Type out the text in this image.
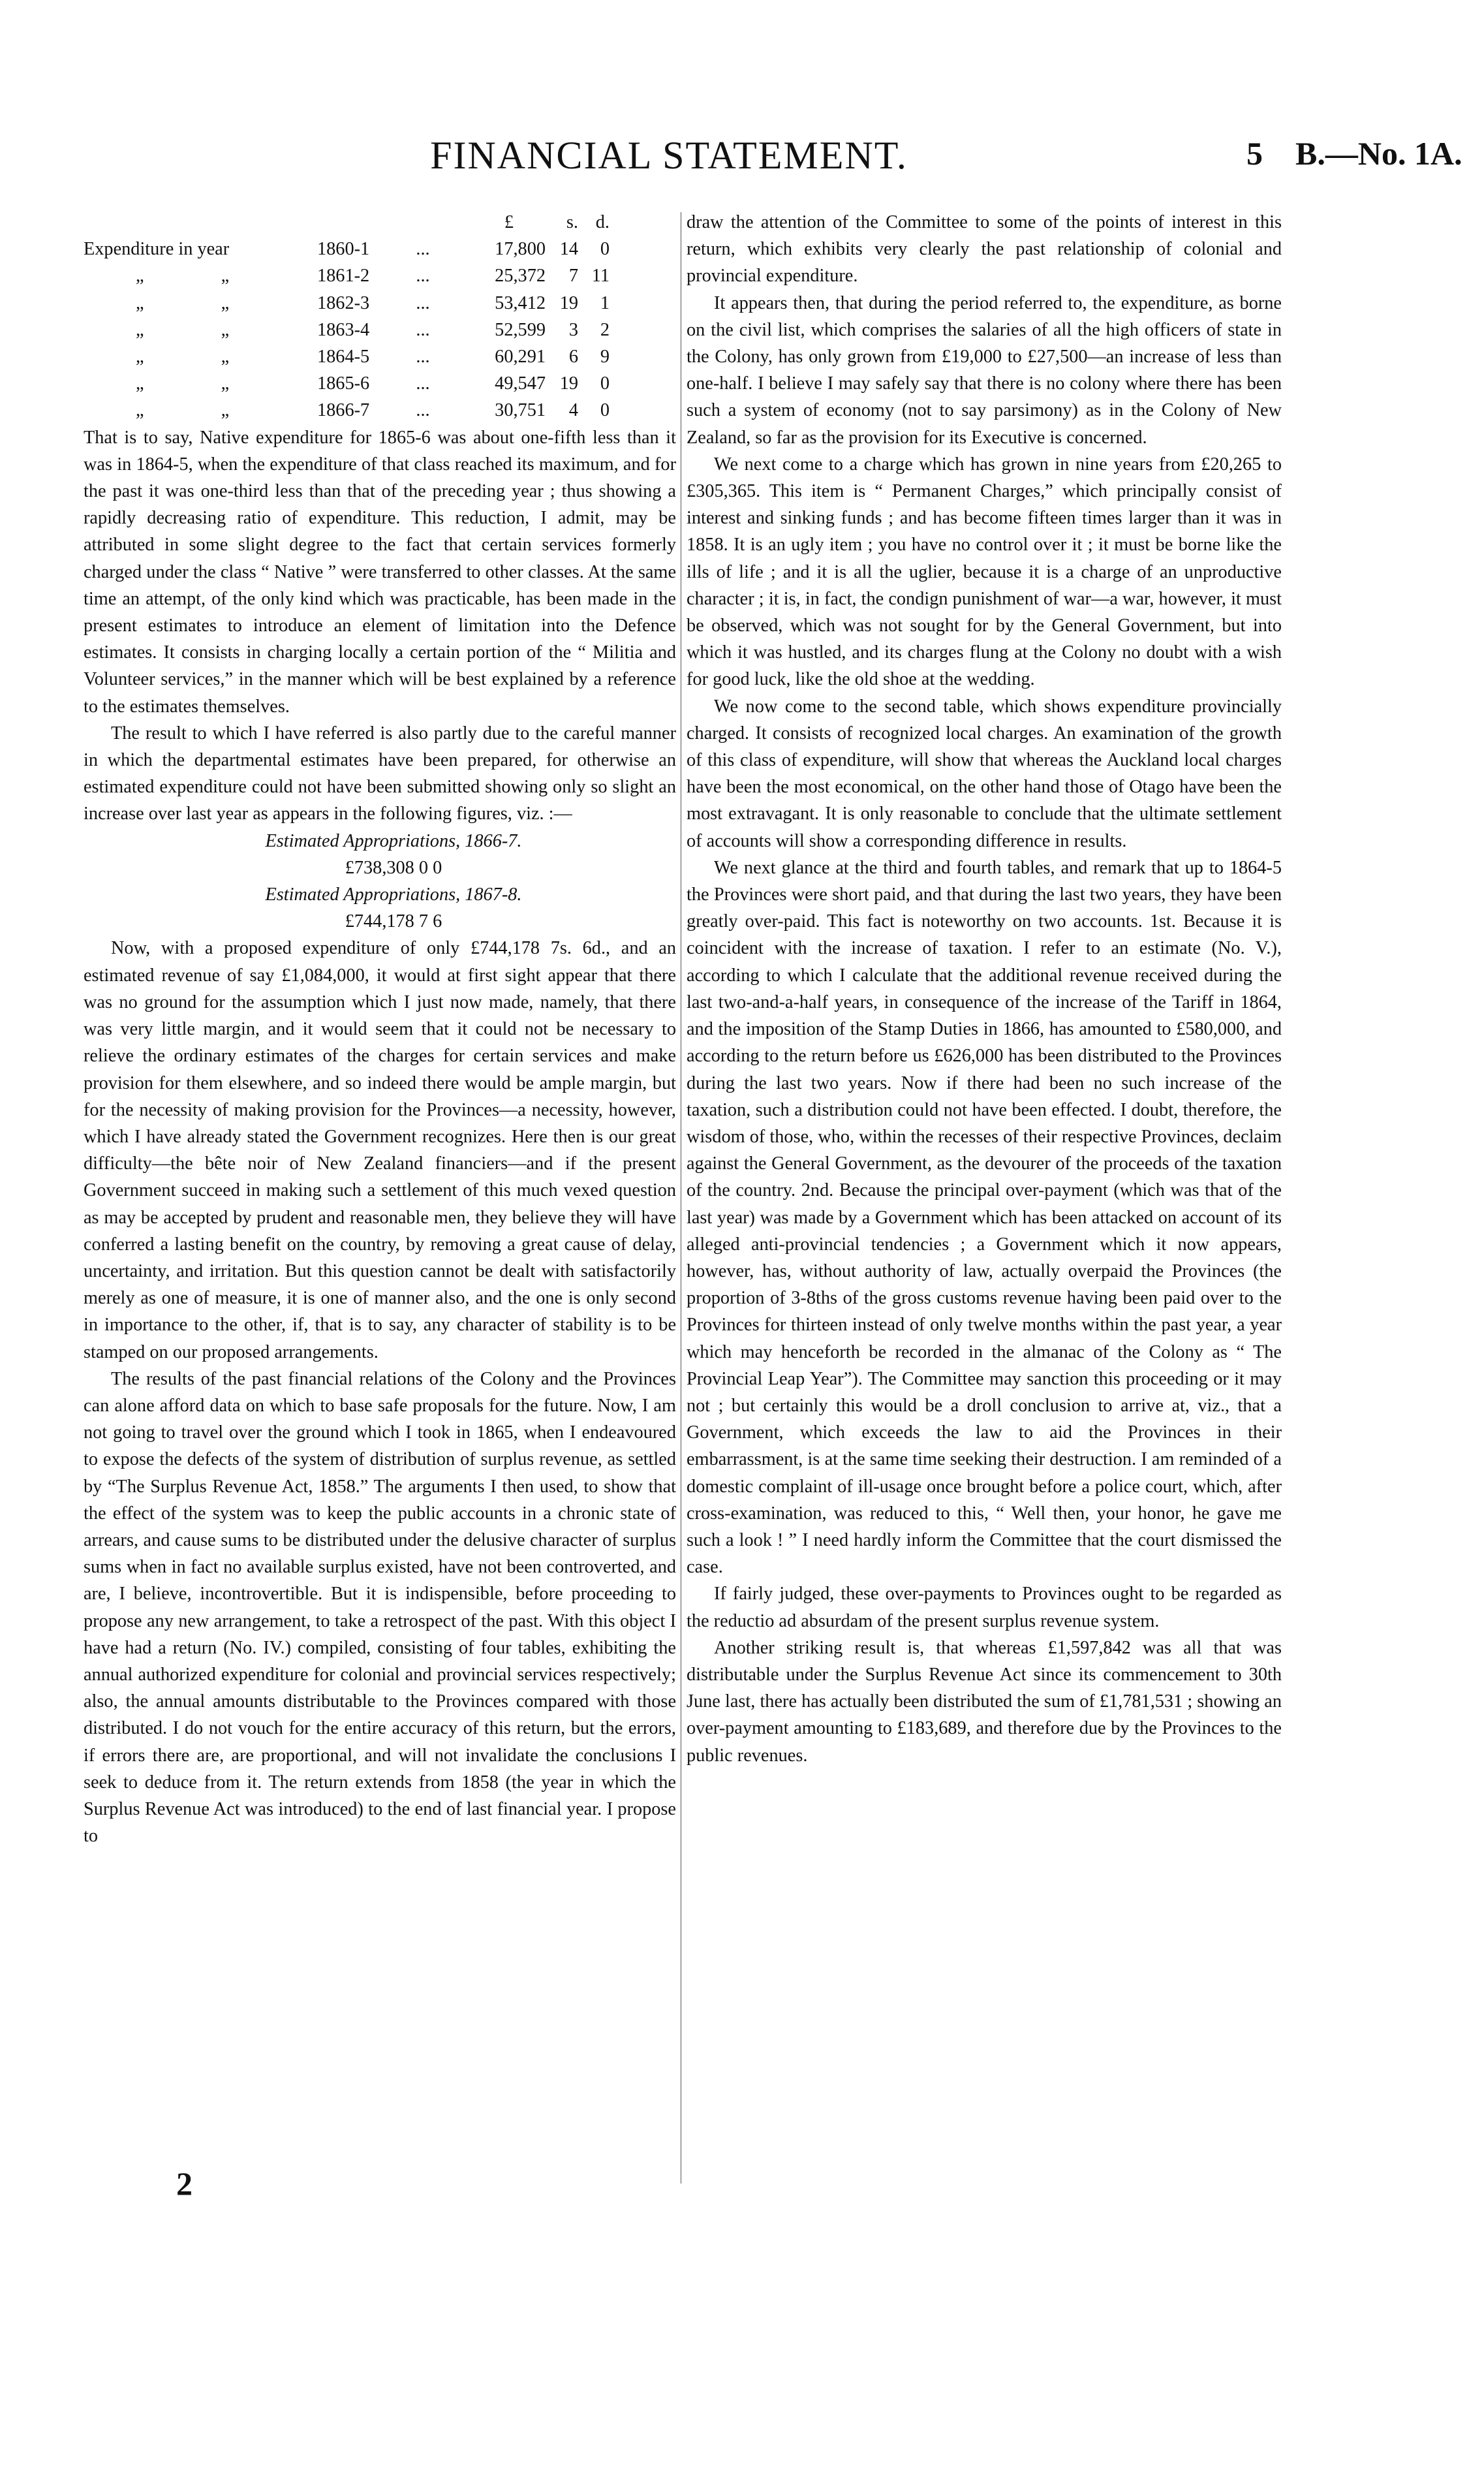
FINANCIAL STATEMENT.	5 B.—No. 1A.
			£	s.	d.
Expenditure in year	1860-1	...	17,800	14	0
„ „	1861-2	...	25,372	7	11
„ „	1862-3	...	53,412	19	1
„ „	1863-4	...	52,599	3	2
„ „	1864-5	...	60,291	6	9
„ „	1865-6	...	49,547	19	0
„ „	1866-7	...	30,751	4	0

That is to say, Native expenditure for 1865-6 was about one-fifth less than it was in 1864-5, when the expenditure of that class reached its maximum, and for the past it was one-third less than that of the preceding year ; thus showing a rapidly decreasing ratio of expenditure. This reduction, I admit, may be attributed in some slight degree to the fact that certain services formerly charged under the class “ Native ” were transferred to other classes. At the same time an attempt, of the only kind which was practicable, has been made in the present estimates to introduce an element of limitation into the Defence estimates. It consists in charging locally a certain portion of the “ Militia and Volunteer services,” in the manner which will be best explained by a reference to the estimates themselves.

The result to which I have referred is also partly due to the careful manner in which the departmental estimates have been prepared, for otherwise an estimated expenditure could not have been submitted showing only so slight an increase over last year as appears in the following figures, viz. :—

Estimated Appropriations, 1866-7.

£738,308 0 0

Estimated Appropriations, 1867-8.

£744,178 7 6

Now, with a proposed expenditure of only £744,178 7s. 6d., and an estimated revenue of say £1,084,000, it would at first sight appear that there was no ground for the assumption which I just now made, namely, that there was very little margin, and it would seem that it could not be necessary to relieve the ordinary estimates of the charges for certain services and make provision for them elsewhere, and so indeed there would be ample margin, but for the necessity of making provision for the Provinces—a necessity, however, which I have already stated the Government recognizes. Here then is our great difficulty—the bête noir of New Zealand financiers—and if the present Government succeed in making such a settlement of this much vexed question as may be accepted by prudent and reasonable men, they believe they will have conferred a lasting benefit on the country, by removing a great cause of delay, uncertainty, and irritation. But this question cannot be dealt with satisfactorily merely as one of measure, it is one of manner also, and the one is only second in importance to the other, if, that is to say, any character of stability is to be stamped on our proposed arrangements.

The results of the past financial relations of the Colony and the Provinces can alone afford data on which to base safe proposals for the future. Now, I am not going to travel over the ground which I took in 1865, when I endeavoured to expose the defects of the system of distribution of surplus revenue, as settled by “The Surplus Revenue Act, 1858.” The arguments I then used, to show that the effect of the system was to keep the public accounts in a chronic state of arrears, and cause sums to be distributed under the delusive character of surplus sums when in fact no available surplus existed, have not been controverted, and are, I believe, incontrovertible. But it is indispensible, before proceeding to propose any new arrangement, to take a retrospect of the past. With this object I have had a return (No. IV.) compiled, consisting of four tables, exhibiting the annual authorized expenditure for colonial and provincial services respectively; also, the annual amounts distributable to the Provinces compared with those distributed. I do not vouch for the entire accuracy of this return, but the errors, if errors there are, are proportional, and will not invalidate the conclusions I seek to deduce from it. The return extends from 1858 (the year in which the Surplus Revenue Act was introduced) to the end of last financial year. I propose to

draw the attention of the Committee to some of the points of interest in this return, which exhibits very clearly the past relationship of colonial and provincial expenditure.

It appears then, that during the period referred to, the expenditure, as borne on the civil list, which comprises the salaries of all the high officers of state in the Colony, has only grown from £19,000 to £27,500—an increase of less than one-half. I believe I may safely say that there is no colony where there has been such a system of economy (not to say parsimony) as in the Colony of New Zealand, so far as the provision for its Executive is concerned.

We next come to a charge which has grown in nine years from £20,265 to £305,365. This item is “ Permanent Charges,” which principally consist of interest and sinking funds ; and has become fifteen times larger than it was in 1858. It is an ugly item ; you have no control over it ; it must be borne like the ills of life ; and it is all the uglier, because it is a charge of an unproductive character ; it is, in fact, the condign punishment of war—a war, however, it must be observed, which was not sought for by the General Government, but into which it was hustled, and its charges flung at the Colony no doubt with a wish for good luck, like the old shoe at the wedding.

We now come to the second table, which shows expenditure provincially charged. It consists of recognized local charges. An examination of the growth of this class of expenditure, will show that whereas the Auckland local charges have been the most economical, on the other hand those of Otago have been the most extravagant. It is only reasonable to conclude that the ultimate settlement of accounts will show a corresponding difference in results.

We next glance at the third and fourth tables, and remark that up to 1864-5 the Provinces were short paid, and that during the last two years, they have been greatly over-paid. This fact is noteworthy on two accounts. 1st. Because it is coincident with the increase of taxation. I refer to an estimate (No. V.), according to which I calculate that the additional revenue received during the last two-and-a-half years, in consequence of the increase of the Tariff in 1864, and the imposition of the Stamp Duties in 1866, has amounted to £580,000, and according to the return before us £626,000 has been distributed to the Provinces during the last two years. Now if there had been no such increase of the taxation, such a distribution could not have been effected. I doubt, therefore, the wisdom of those, who, within the recesses of their respective Provinces, declaim against the General Government, as the devourer of the proceeds of the taxation of the country. 2nd. Because the principal over-payment (which was that of the last year) was made by a Government which has been attacked on account of its alleged anti-provincial tendencies ; a Government which it now appears, however, has, without authority of law, actually overpaid the Provinces (the proportion of 3-8ths of the gross customs revenue having been paid over to the Provinces for thirteen instead of only twelve months within the past year, a year which may henceforth be recorded in the almanac of the Colony as “ The Provincial Leap Year”). The Committee may sanction this proceeding or it may not ; but certainly this would be a droll conclusion to arrive at, viz., that a Government, which exceeds the law to aid the Provinces in their embarrassment, is at the same time seeking their destruction. I am reminded of a domestic complaint of ill-usage once brought before a police court, which, after cross-examination, was reduced to this, “ Well then, your honor, he gave me such a look ! ” I need hardly inform the Committee that the court dismissed the case.

If fairly judged, these over-payments to Provinces ought to be regarded as the reductio ad absurdam of the present surplus revenue system.

Another striking result is, that whereas £1,597,842 was all that was distributable under the Surplus Revenue Act since its commencement to 30th June last, there has actually been distributed the sum of £1,781,531 ; showing an over-payment amounting to £183,689, and therefore due by the Provinces to the public revenues.

2
